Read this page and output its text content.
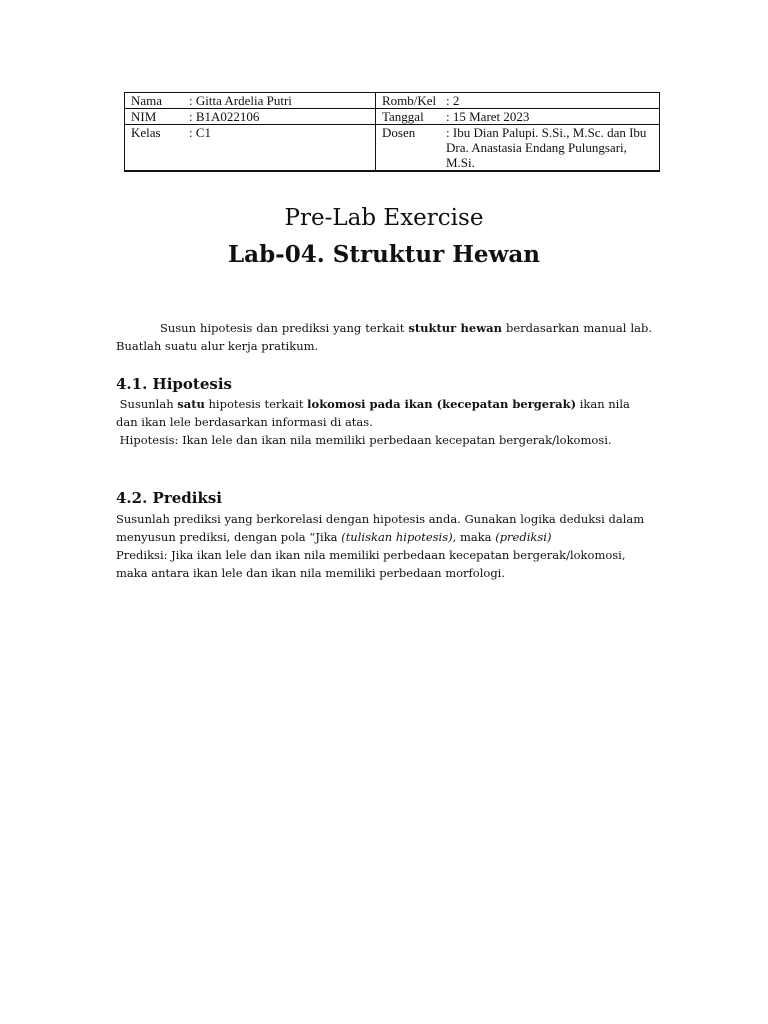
Nama	: Gitta Ardelia Putri	Romb/Kel	: 2
NIM	: B1A022106	Tanggal	: 15 Maret 2023
Kelas	: C1	Dosen	: Ibu Dian Palupi. S.Si., M.Sc. dan Ibu Dra. Anastasia Endang Pulungsari, M.Si.
Pre-Lab Exercise
Lab-04. Struktur Hewan
Susun hipotesis dan prediksi yang terkait stuktur hewan berdasarkan manual lab. Buatlah suatu alur kerja pratikum.
4.1. Hipotesis
Susunlah satu hipotesis terkait lokomosi pada ikan (kecepatan bergerak) ikan nila dan ikan lele berdasarkan informasi di atas.
Hipotesis: Ikan lele dan ikan nila memiliki perbedaan kecepatan bergerak/lokomosi.
4.2. Prediksi
Susunlah prediksi yang berkorelasi dengan hipotesis anda. Gunakan logika deduksi dalam menyusun prediksi, dengan pola “Jika (tuliskan hipotesis), maka (prediksi)
Prediksi: Jika ikan lele dan ikan nila memiliki perbedaan kecepatan bergerak/lokomosi, maka antara ikan lele dan ikan nila memiliki perbedaan morfologi.
